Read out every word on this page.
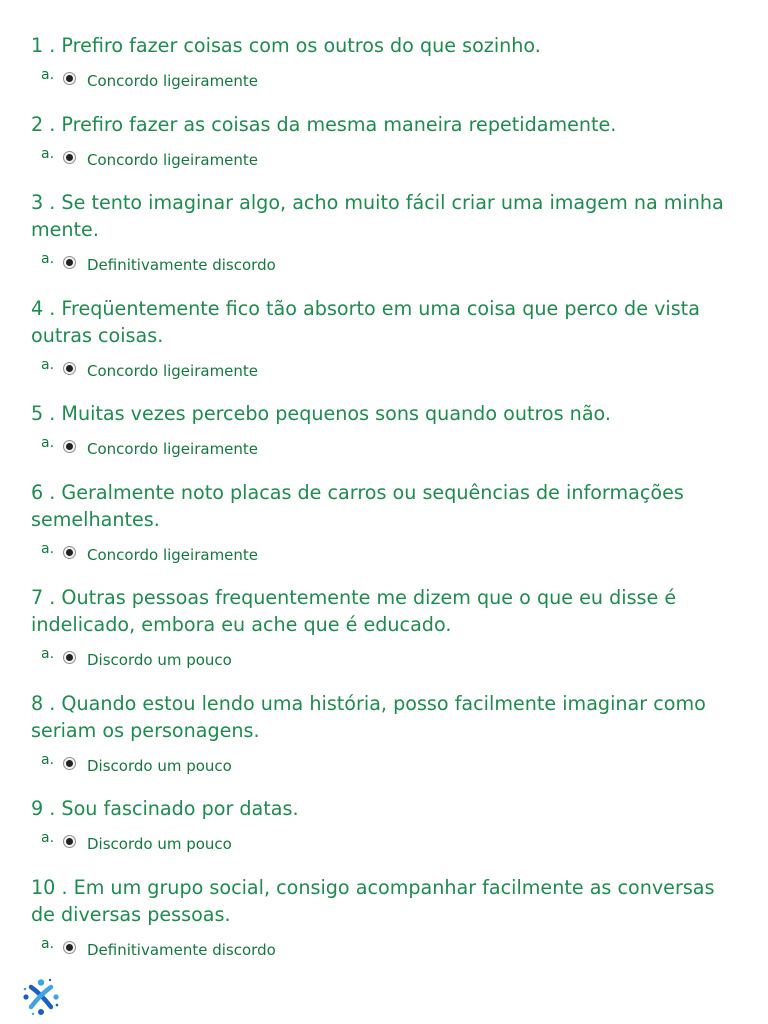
1 . Prefiro fazer coisas com os outros do que sozinho.
a. Concordo ligeiramente
2 . Prefiro fazer as coisas da mesma maneira repetidamente.
a. Concordo ligeiramente
3 . Se tento imaginar algo, acho muito fácil criar uma imagem na minha mente.
a. Definitivamente discordo
4 . Freqüentemente fico tão absorto em uma coisa que perco de vista outras coisas.
a. Concordo ligeiramente
5 . Muitas vezes percebo pequenos sons quando outros não.
a. Concordo ligeiramente
6 . Geralmente noto placas de carros ou sequências de informações semelhantes.
a. Concordo ligeiramente
7 . Outras pessoas frequentemente me dizem que o que eu disse é indelicado, embora eu ache que é educado.
a. Discordo um pouco
8 . Quando estou lendo uma história, posso facilmente imaginar como seriam os personagens.
a. Discordo um pouco
9 . Sou fascinado por datas.
a. Discordo um pouco
10 . Em um grupo social, consigo acompanhar facilmente as conversas de diversas pessoas.
a. Definitivamente discordo
